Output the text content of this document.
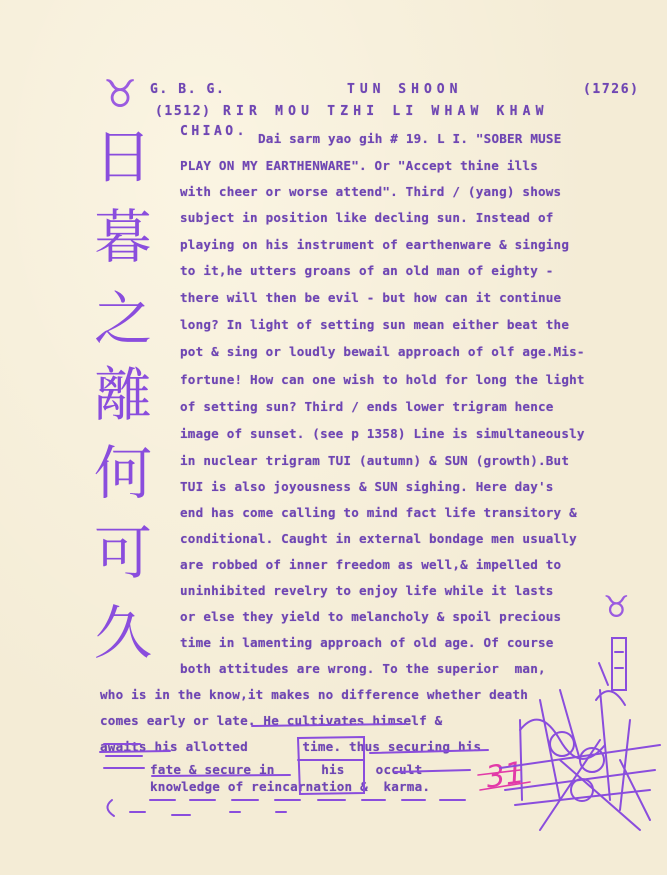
G. B. G.	TUN SHOON	(1726)
(1512) RIR MOU TZHI LI WHAW KHAW
CHIAO. Dai sarm yao gih # 19. L I. "SOBER MUSE
PLAY ON MY EARTHENWARE". Or "Accept thine ills
with cheer or worse attend". Third / (yang) shows
subject in position like decling sun. Instead of
playing on his instrument of earthenware & singing
to it,he utters groans of an old man of eighty -
there will then be evil - but how can it continue
long? In light of setting sun mean either beat the
pot & sing or loudly bewail approach of olf age.Mis-
fortune! How can one wish to hold for long the light
of setting sun? Third / ends lower trigram hence
image of sunset. (see p 1358) Line is simultaneously
in nuclear trigram TUI (autumn) & SUN (growth).But
TUI is also joyousness & SUN sighing. Here day's
end has come calling to mind fact life transitory &
conditional. Caught in external bondage men usually
are robbed of inner freedom as well,& impelled to
uninhibited revelry to enjoy life while it lasts
or else they yield to melancholy & spoil precious
time in lamenting approach of old age. Of course
both attitudes are wrong. To the superior  man,
who is in the know,it makes no difference whether death
comes early or late. He cultivates himself &
awaits his allotted       time. thus securing his
fate & secure in      his    occult
knowledge of reincarnation &  karma.
♉
♉
日
暮
之
離
何
可
久
31
